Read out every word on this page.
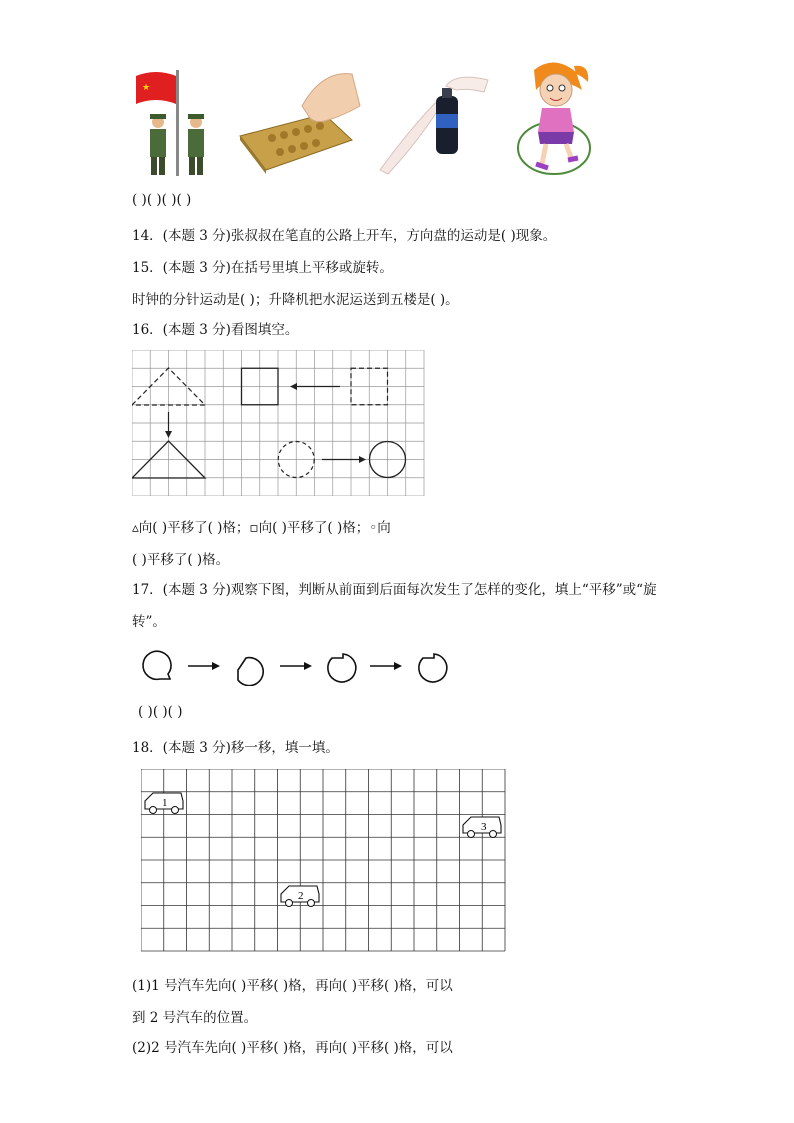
★
( )( )( )( )
14．(本题 3 分)张叔叔在笔直的公路上开车，方向盘的运动是( )现象。
15．(本题 3 分)在括号里填上平移或旋转。
时钟的分针运动是( )；升降机把水泥运送到五楼是( )。
16．(本题 3 分)看图填空。
▵向( )平移了( )格；▫向( )平移了( )格；◦向
( )平移了( )格。
17．(本题 3 分)观察下图，判断从前面到后面每次发生了怎样的变化，填上“平移”或“旋
转”。
( )( )( )
18．(本题 3 分)移一移，填一填。
1
2
3
(1)1 号汽车先向( )平移( )格，再向( )平移( )格，可以
到 2 号汽车的位置。
(2)2 号汽车先向( )平移( )格，再向( )平移( )格，可以
